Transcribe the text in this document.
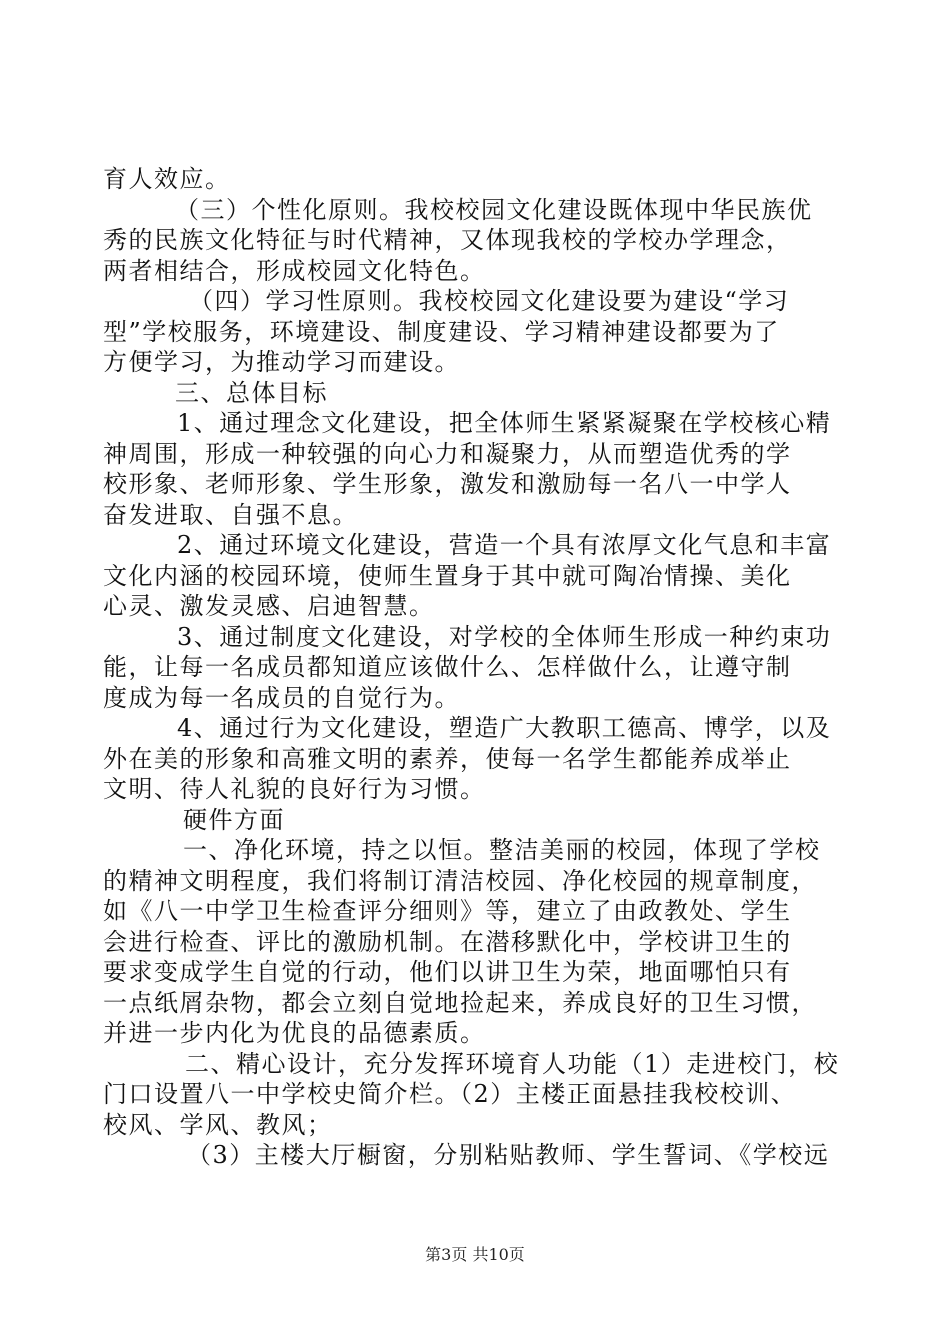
育人效应。
（三）个性化原则。我校校园文化建设既体现中华民族优
秀的民族文化特征与时代精神，又体现我校的学校办学理念，
两者相结合，形成校园文化特色。
（四）学习性原则。我校校园文化建设要为建设“学习
型”学校服务，环境建设、制度建设、学习精神建设都要为了
方便学习，为推动学习而建设。
三、总体目标
1、通过理念文化建设，把全体师生紧紧凝聚在学校核心精
神周围，形成一种较强的向心力和凝聚力，从而塑造优秀的学
校形象、老师形象、学生形象，激发和激励每一名八一中学人
奋发进取、自强不息。
2、通过环境文化建设，营造一个具有浓厚文化气息和丰富
文化内涵的校园环境，使师生置身于其中就可陶冶情操、美化
心灵、激发灵感、启迪智慧。
3、通过制度文化建设，对学校的全体师生形成一种约束功
能，让每一名成员都知道应该做什么、怎样做什么，让遵守制
度成为每一名成员的自觉行为。
4、通过行为文化建设，塑造广大教职工德高、博学，以及
外在美的形象和高雅文明的素养，使每一名学生都能养成举止
文明、待人礼貌的良好行为习惯。
硬件方面
一、净化环境，持之以恒。整洁美丽的校园，体现了学校
的精神文明程度，我们将制订清洁校园、净化校园的规章制度，
如《八一中学卫生检查评分细则》等，建立了由政教处、学生
会进行检查、评比的激励机制。在潜移默化中，学校讲卫生的
要求变成学生自觉的行动，他们以讲卫生为荣，地面哪怕只有
一点纸屑杂物，都会立刻自觉地捡起来，养成良好的卫生习惯，
并进一步内化为优良的品德素质。
二、精心设计，充分发挥环境育人功能（1）走进校门，校
门口设置八一中学校史简介栏。（2）主楼正面悬挂我校校训、
校风、学风、教风；
（3）主楼大厅橱窗，分别粘贴教师、学生誓词、《学校远
第3页 共10页
